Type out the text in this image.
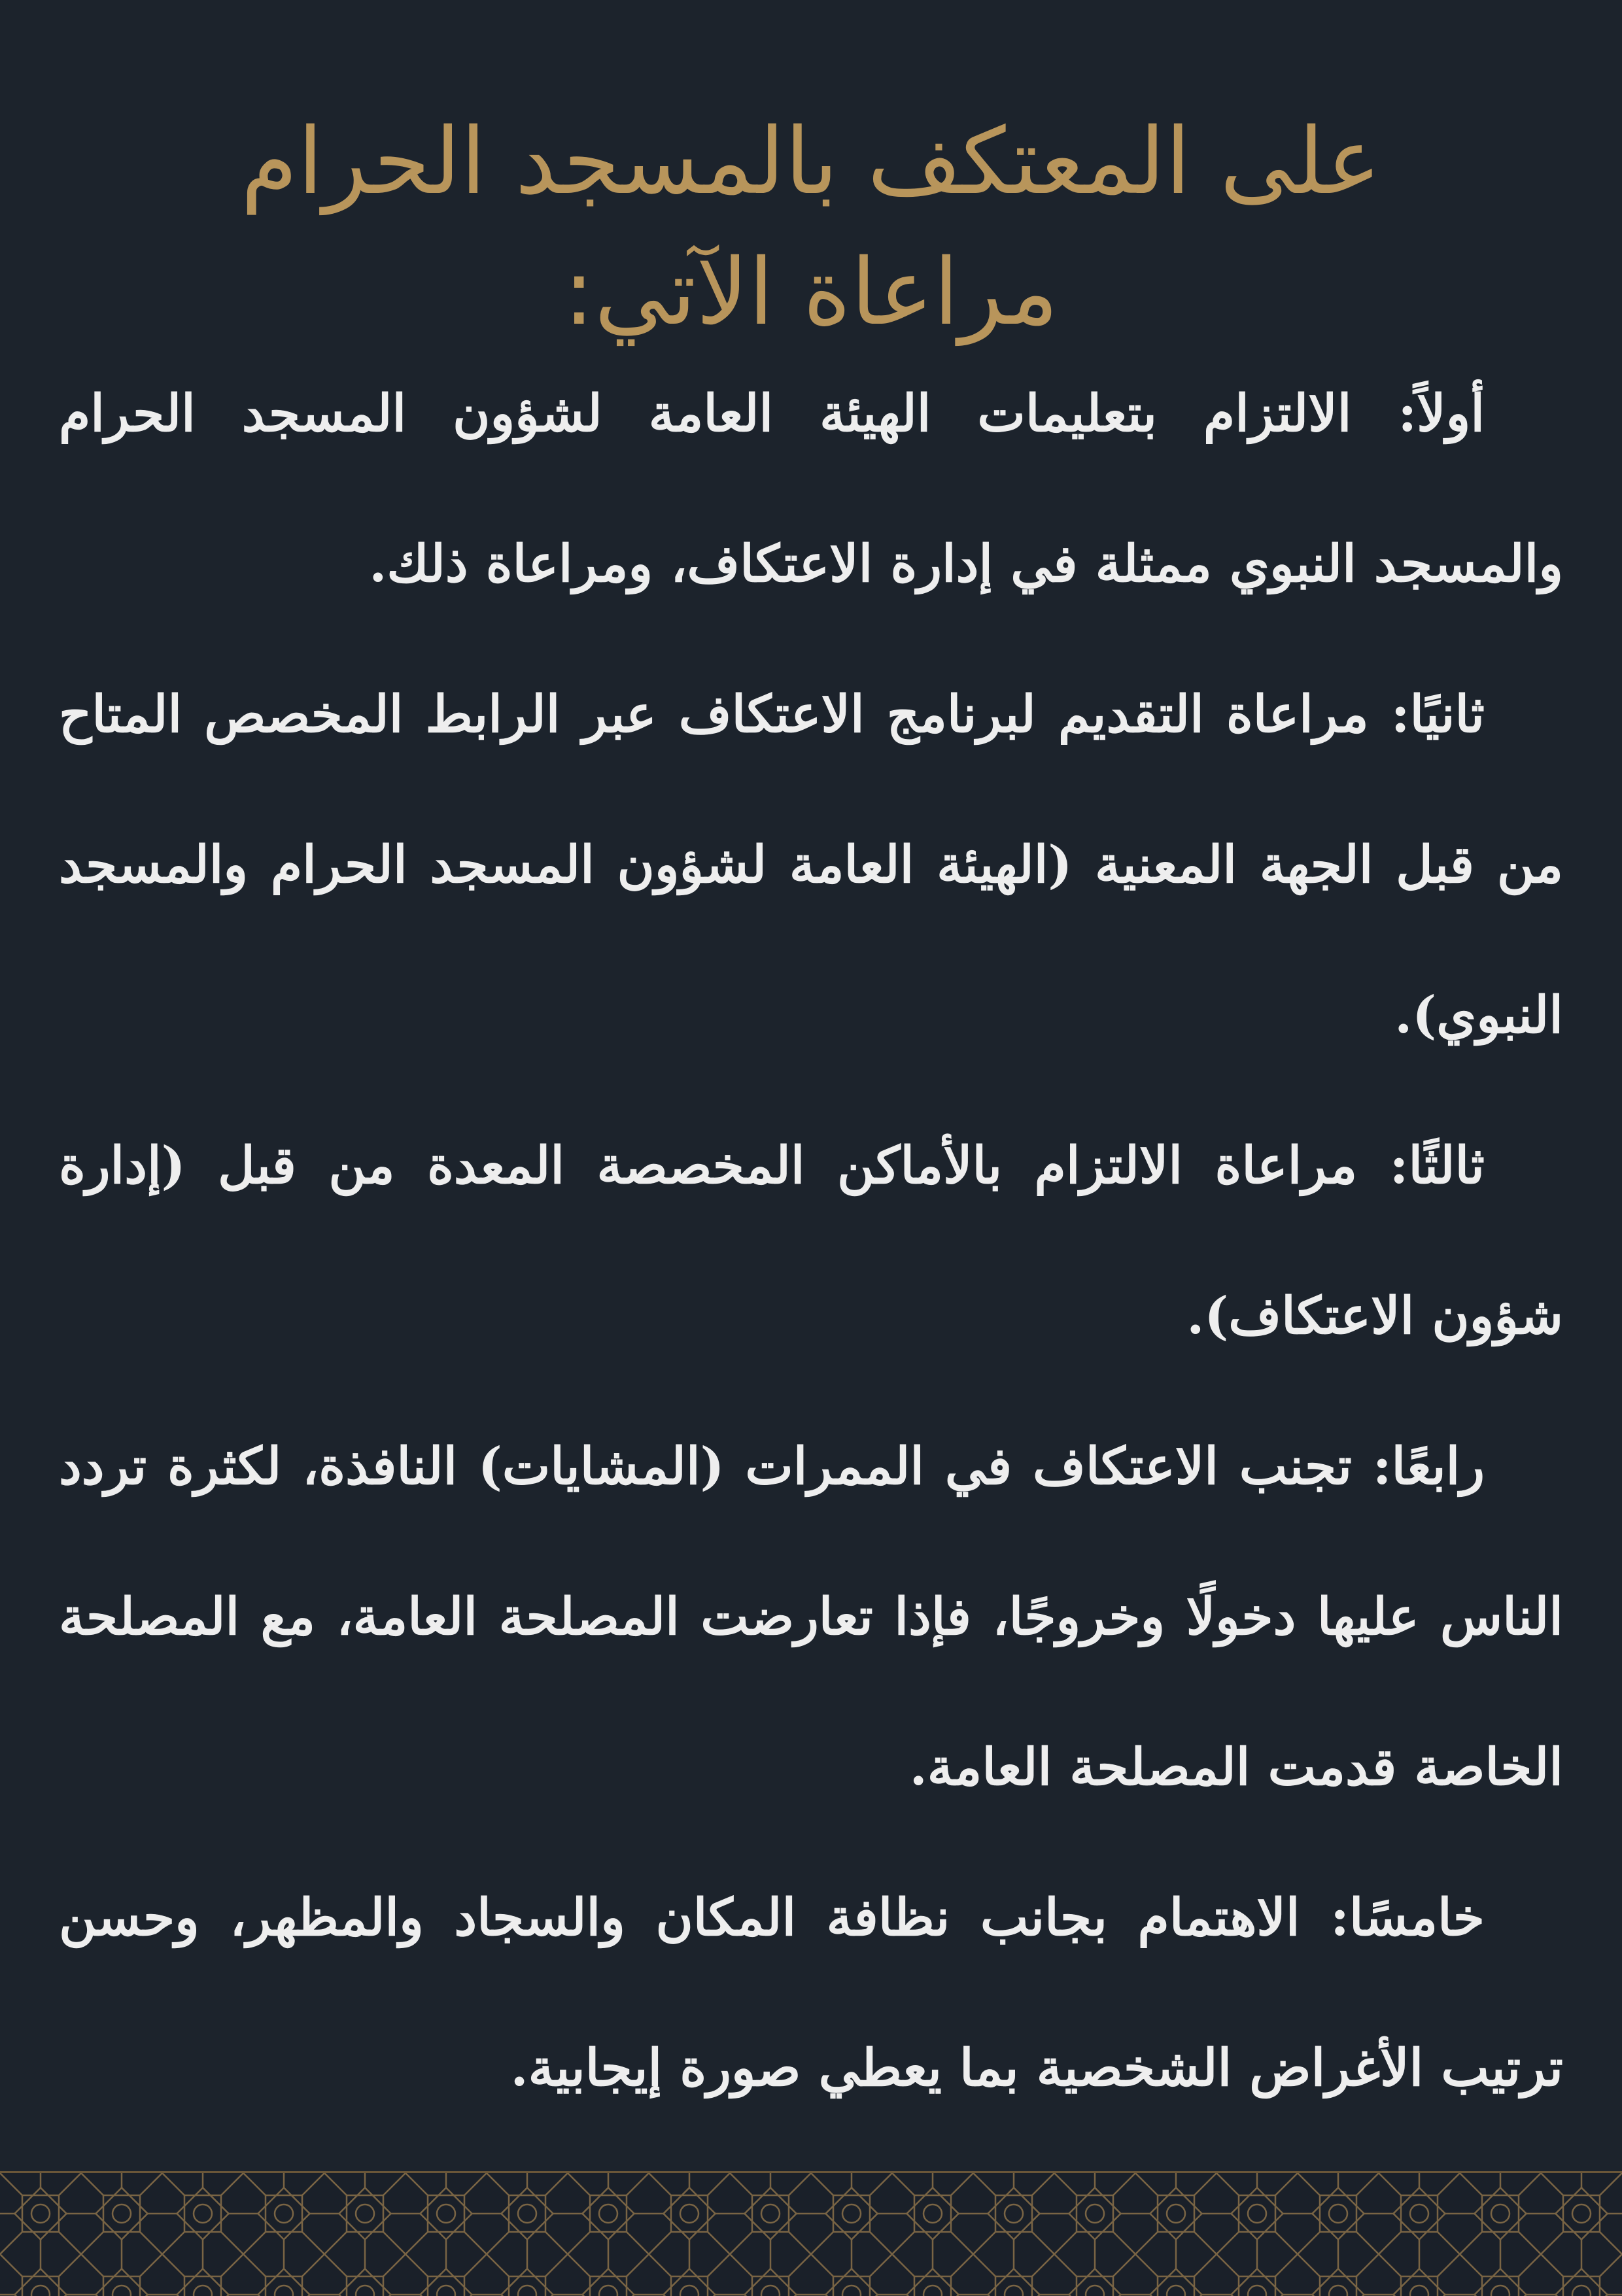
على المعتكف بالمسجد الحرام
مراعاة الآتي:

أولاً: الالتزام بتعليمات الهيئة العامة لشؤون المسجد الحرام والمسجد النبوي ممثلة في إدارة الاعتكاف، ومراعاة ذلك.

ثانيًا: مراعاة التقديم لبرنامج الاعتكاف عبر الرابط المخصص المتاح من قبل الجهة المعنية (الهيئة العامة لشؤون المسجد الحرام والمسجد النبوي).

ثالثًا: مراعاة الالتزام بالأماكن المخصصة المعدة من قبل (إدارة شؤون الاعتكاف).

رابعًا: تجنب الاعتكاف في الممرات (المشايات) النافذة، لكثرة تردد الناس عليها دخولًا وخروجًا، فإذا تعارضت المصلحة العامة، مع المصلحة الخاصة قدمت المصلحة العامة.

خامسًا: الاهتمام بجانب نظافة المكان والسجاد والمظهر، وحسن ترتيب الأغراض الشخصية بما يعطي صورة إيجابية.
